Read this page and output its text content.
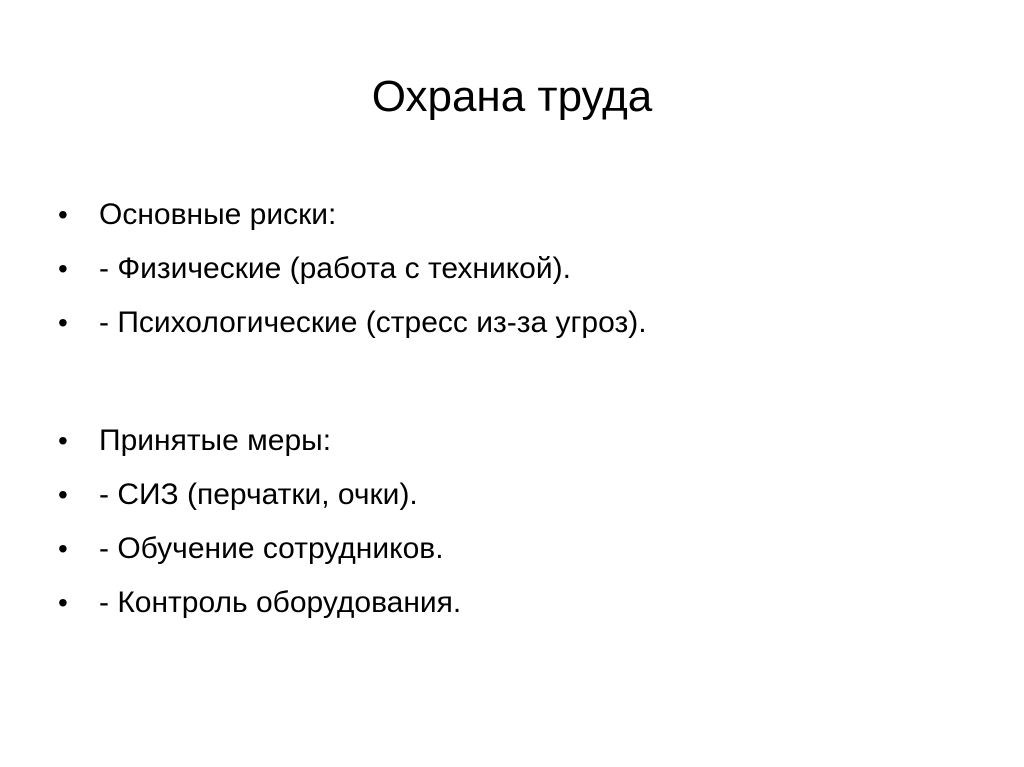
Охрана труда
•	Основные риски:
•	- Физические (работа с техникой).
•	- Психологические (стресс из-за угроз).
•	Принятые меры:
•	- СИЗ (перчатки, очки).
•	- Обучение сотрудников.
•	- Контроль оборудования.
